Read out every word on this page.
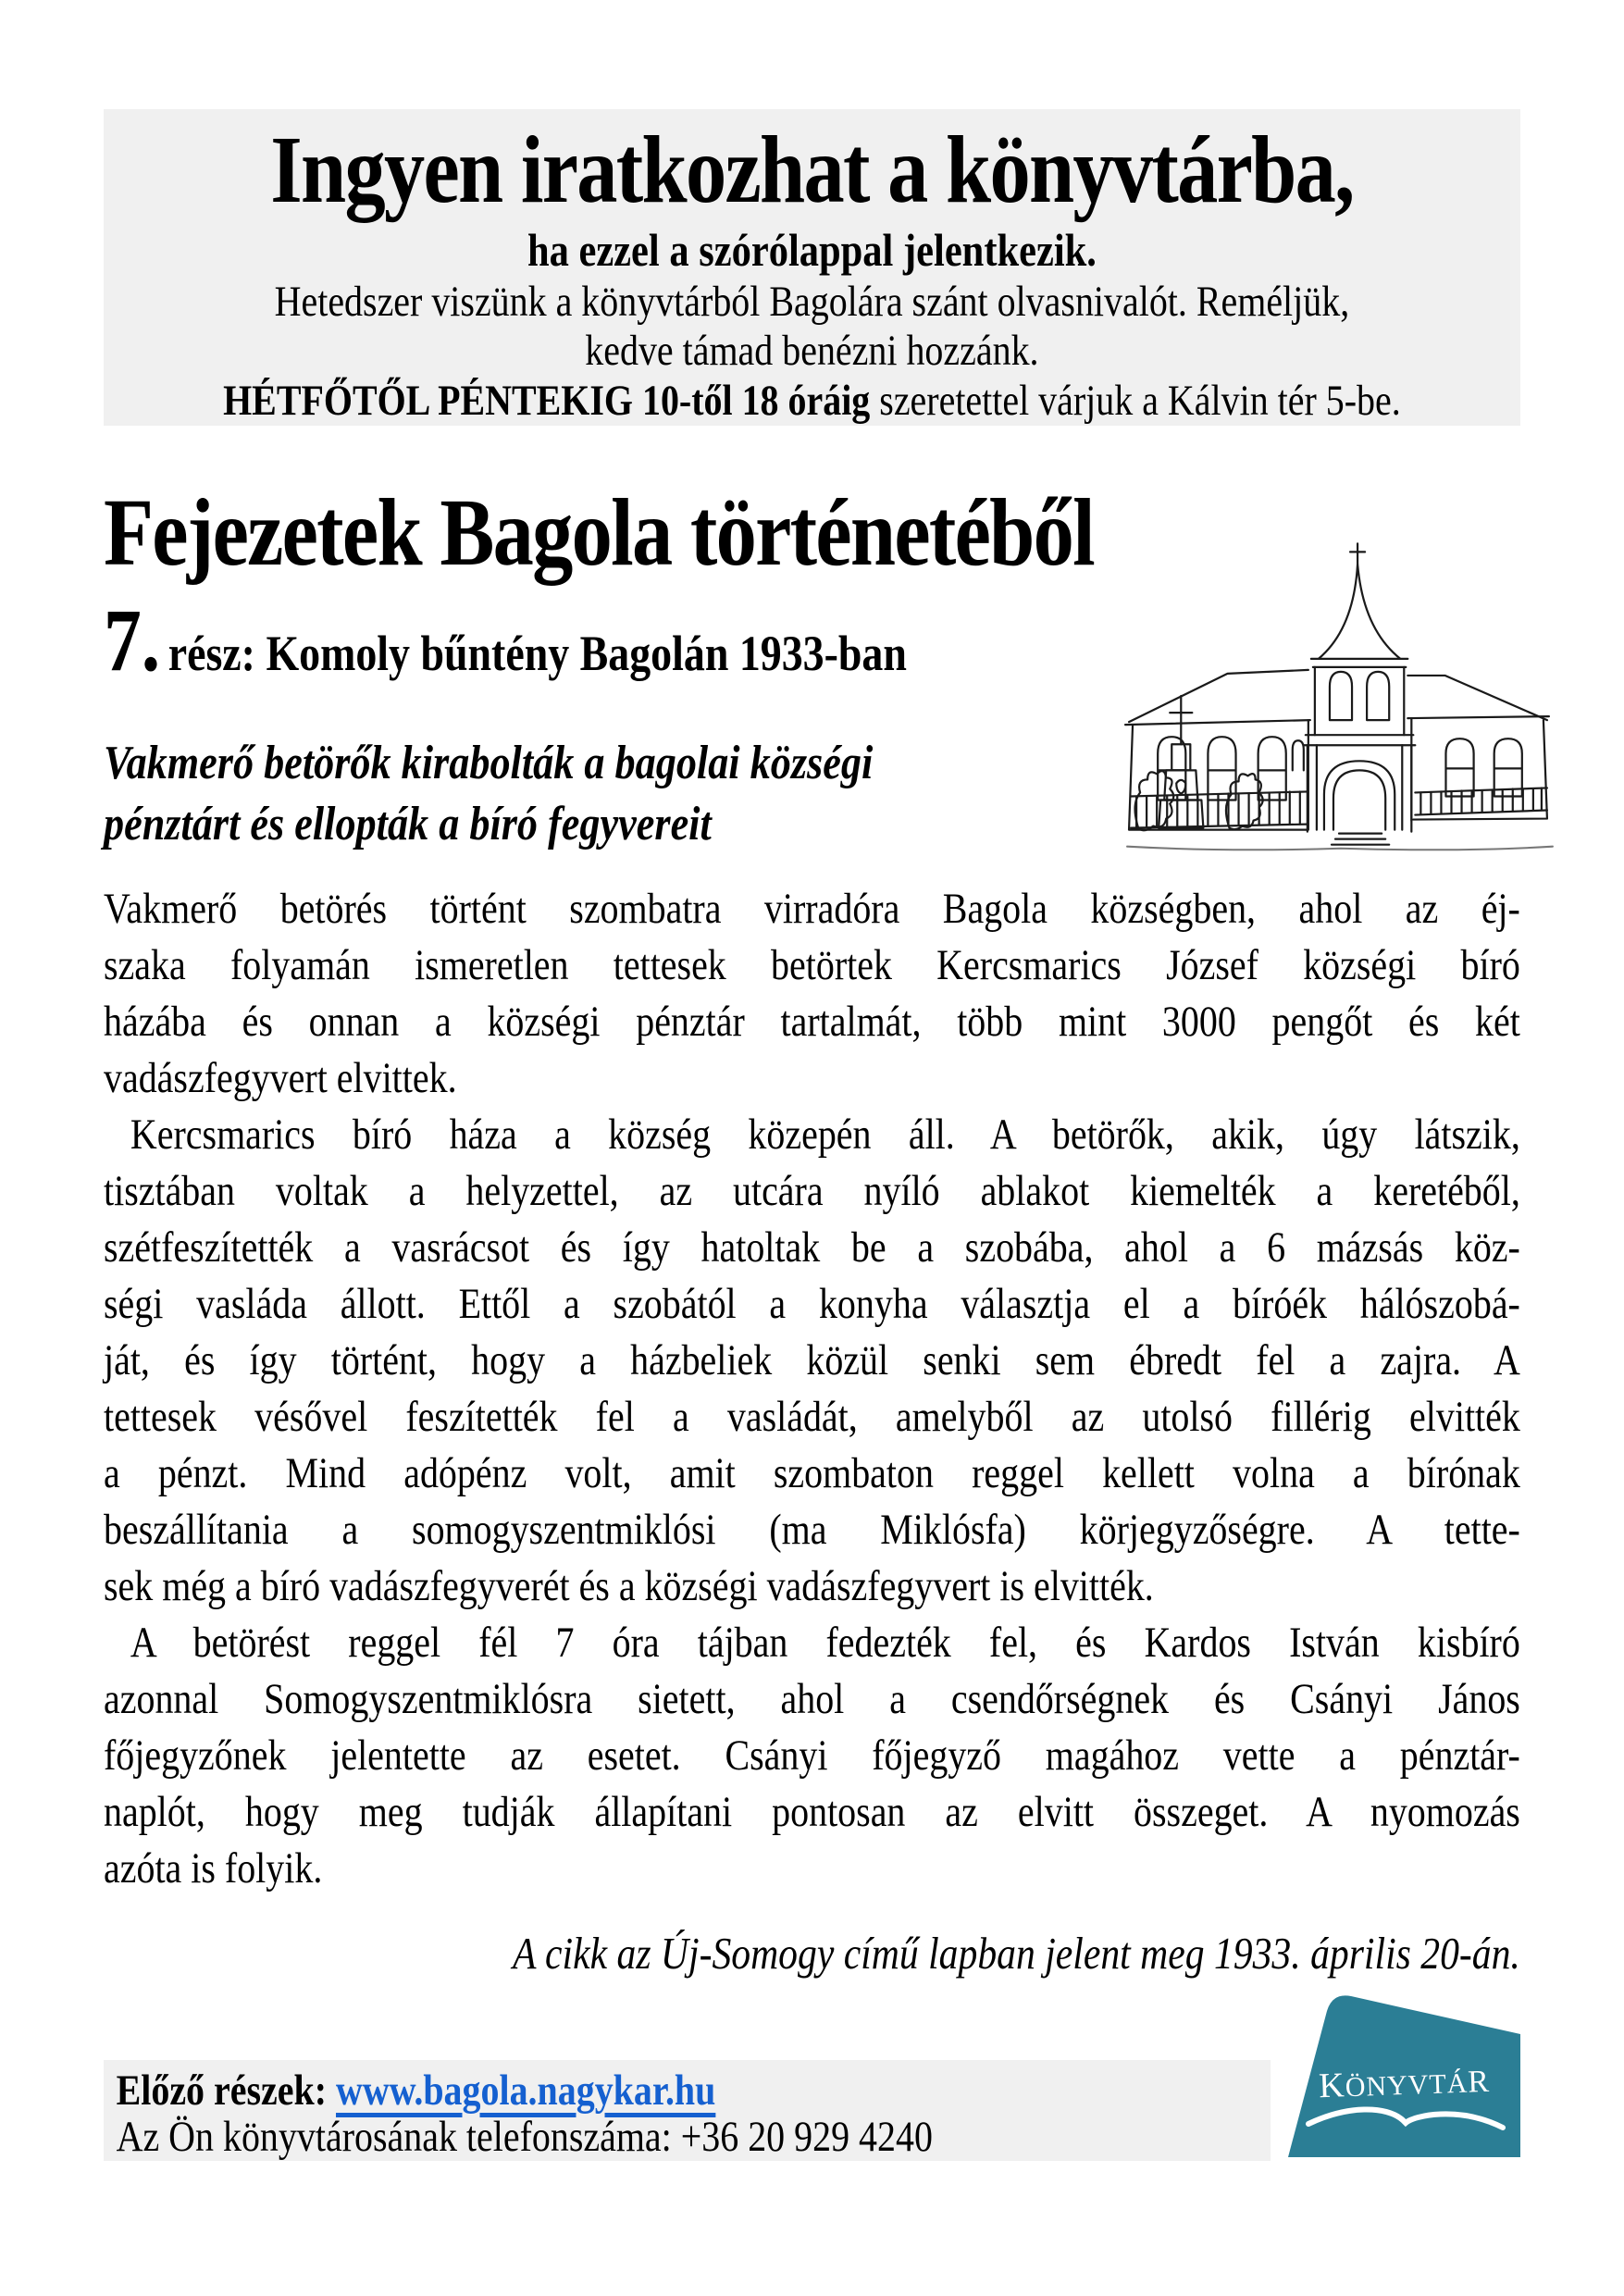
Ingyen iratkozhat a könyvtárba,
ha ezzel a szórólappal jelentkezik.
Hetedszer viszünk a könyvtárból Bagolára szánt olvasnivalót. Reméljük,
kedve támad benézni hozzánk.
HÉTFŐTŐL PÉNTEKIG 10-től 18 óráig szeretettel várjuk a Kálvin tér 5-be.
Fejezetek Bagola történetéből
7. rész: Komoly bűntény Bagolán 1933-ban
Vakmerő betörők kirabolták a bagolai községi
pénztárt és ellopták a bíró fegyvereit
Vakmerő betörés történt szombatra virradóra Bagola községben, ahol az éj-
szaka folyamán ismeretlen tettesek betörtek Kercsmarics József községi bíró
házába és onnan a községi pénztár tartalmát, több mint 3000 pengőt és két
vadászfegyvert elvittek.
Kercsmarics bíró háza a község közepén áll. A betörők, akik, úgy látszik,
tisztában voltak a helyzettel, az utcára nyíló ablakot kiemelték a keretéből,
szétfeszítették a vasrácsot és így hatoltak be a szobába, ahol a 6 mázsás köz-
ségi vasláda állott. Ettől a szobától a konyha választja el a bíróék hálószobá-
ját, és így történt, hogy a házbeliek közül senki sem ébredt fel a zajra. A
tettesek vésővel feszítették fel a vasládát, amelyből az utolsó fillérig elvitték
a pénzt. Mind adópénz volt, amit szombaton reggel kellett volna a bírónak
beszállítania a somogyszentmiklósi (ma Miklósfa) körjegyzőségre. A tette-
sek még a bíró vadászfegyverét és a községi vadászfegyvert is elvitték.
A betörést reggel fél 7 óra tájban fedezték fel, és Kardos István kisbíró
azonnal Somogyszentmiklósra sietett, ahol a csendőrségnek és Csányi János
főjegyzőnek jelentette az esetet. Csányi főjegyző magához vette a pénztár-
naplót, hogy meg tudják állapítani pontosan az elvitt összeget. A nyomozás
azóta is folyik.
A cikk az Új-Somogy című lapban jelent meg 1933. április 20-án.
Előző részek: www.bagola.nagykar.hu
Az Ön könyvtárosának telefonszáma: +36 20 929 4240
KÖNYVTÁR
